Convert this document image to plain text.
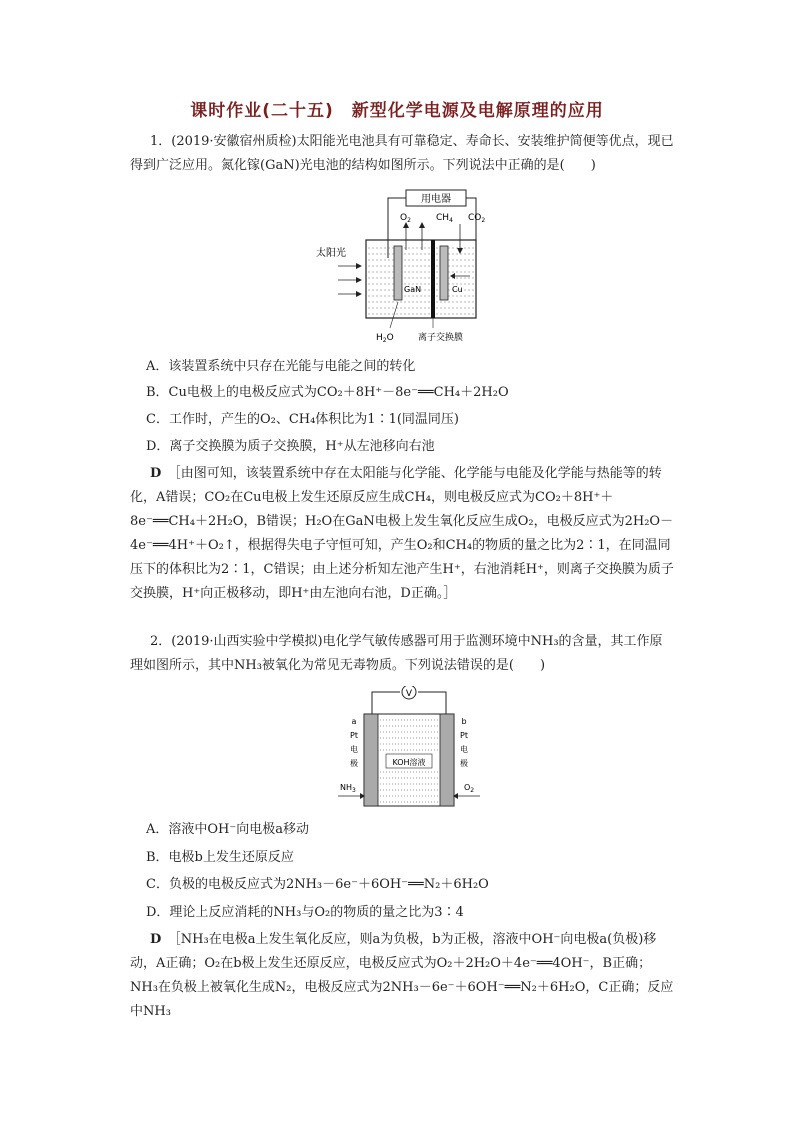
课时作业(二十五)　新型化学电源及电解原理的应用

1．(2019·安徽宿州质检)太阳能光电池具有可靠稳定、寿命长、安装维护简便等优点，现已得到广泛应用。氮化镓(GaN)光电池的结构如图所示。下列说法中正确的是(　　)

用电器
太阳光
$O_2$	$CH_4$ $CO_2$
GaN	Cu
$H_2O$	离子交换膜
A．该装置系统中只存在光能与电能之间的转化
B．Cu电极上的电极反应式为CO₂＋8H⁺－8e⁻══CH₄＋2H₂O
C．工作时，产生的O₂、CH₄体积比为1∶1(同温同压)
D．离子交换膜为质子交换膜，H⁺从左池移向右池

D　 ［由图可知，该装置系统中存在太阳能与化学能、化学能与电能及化学能与热能等的转化，A错误；CO₂在Cu电极上发生还原反应生成CH₄，则电极反应式为CO₂＋8H⁺＋8e⁻══CH₄＋2H₂O，B错误；H₂O在GaN电极上发生氧化反应生成O₂，电极反应式为2H₂O－4e⁻══4H⁺＋O₂↑，根据得失电子守恒可知，产生O₂和CH₄的物质的量之比为2∶1，在同温同压下的体积比为2∶1，C错误；由上述分析知左池产生H⁺，右池消耗H⁺，则离子交换膜为质子交换膜，H⁺向正极移动，即H⁺由左池向右池，D正确。］

2．(2019·山西实验中学模拟)电化学气敏传感器可用于监测环境中NH₃的含量，其工作原理如图所示，其中NH₃被氧化为常见无毒物质。下列说法错误的是(　　)

V
KOH溶液
a
Pt
电
极
b
Pt
电
极
$NH_3$	$O_2$
A．溶液中OH⁻向电极a移动
B．电极b上发生还原反应
C．负极的电极反应式为2NH₃－6e⁻＋6OH⁻══N₂＋6H₂O
D．理论上反应消耗的NH₃与O₂的物质的量之比为3∶4

D　 ［NH₃在电极a上发生氧化反应，则a为负极，b为正极，溶液中OH⁻向电极a(负极)移动，A正确；O₂在b极上发生还原反应，电极反应式为O₂＋2H₂O＋4e⁻══4OH⁻，B正确；NH₃在负极上被氧化生成N₂，电极反应式为2NH₃－6e⁻＋6OH⁻══N₂＋6H₂O，C正确；反应中NH₃
